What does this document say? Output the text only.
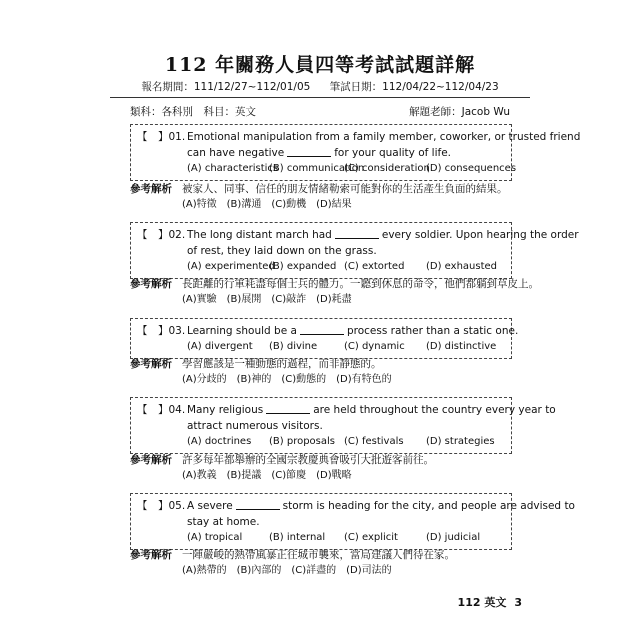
112 年關務人員四等考試試題詳解
報名期間：111/12/27~112/01/05 筆試日期：112/04/22~112/04/23
類科：各科別　科目：英文	解題老師：Jacob Wu
【　】01. Emotional manipulation from a family member, coworker, or trusted friend
can have negative	for your quality of life.
(A) characteristics
(B) communication
(C) consideration
(D) consequences
參考解析 被家人、同事、信任的朋友情緒勒索可能對你的生活產生負面的結果。
(A)特徵 (B)溝通 (C)動機 (D)結果
【　】02. The long distant march had	every soldier. Upon hearing the order
of rest, they laid down on the grass.
(A) experimented
(B) expanded (C) extorted	(D) exhausted
參考解析 長距離的行軍耗盡每個士兵的體力。一聽到休息的命令，他們都躺到草皮上。
(A)實驗 (B)展開 (C)敲詐 (D)耗盡
【　】03. Learning should be a	process rather than a static one.
(A) divergent	(B) divine	(C) dynamic	(D) distinctive
參考解析 學習應該是一種動態的過程，而非靜態的。
(A)分歧的 (B)神的 (C)動態的 (D)有特色的
【　】04. Many religious	are held throughout the country every year to
attract numerous visitors.
(A) doctrines	(B) proposals (C) festivals	(D) strategies
參考解析 許多每年都舉辦的全國宗教慶典會吸引大批遊客前往。
(A)教義 (B)提議 (C)節慶 (D)戰略
【　】05. A severe	storm is heading for the city, and people are advised to
stay at home.
(A) tropical	(B) internal	(C) explicit	(D) judicial
參考解析 一陣嚴峻的熱帶風暴正往城市襲來，當局建議人們待在家。
(A)熱帶的 (B)內部的 (C)詳盡的 (D)司法的
112 英文 3
